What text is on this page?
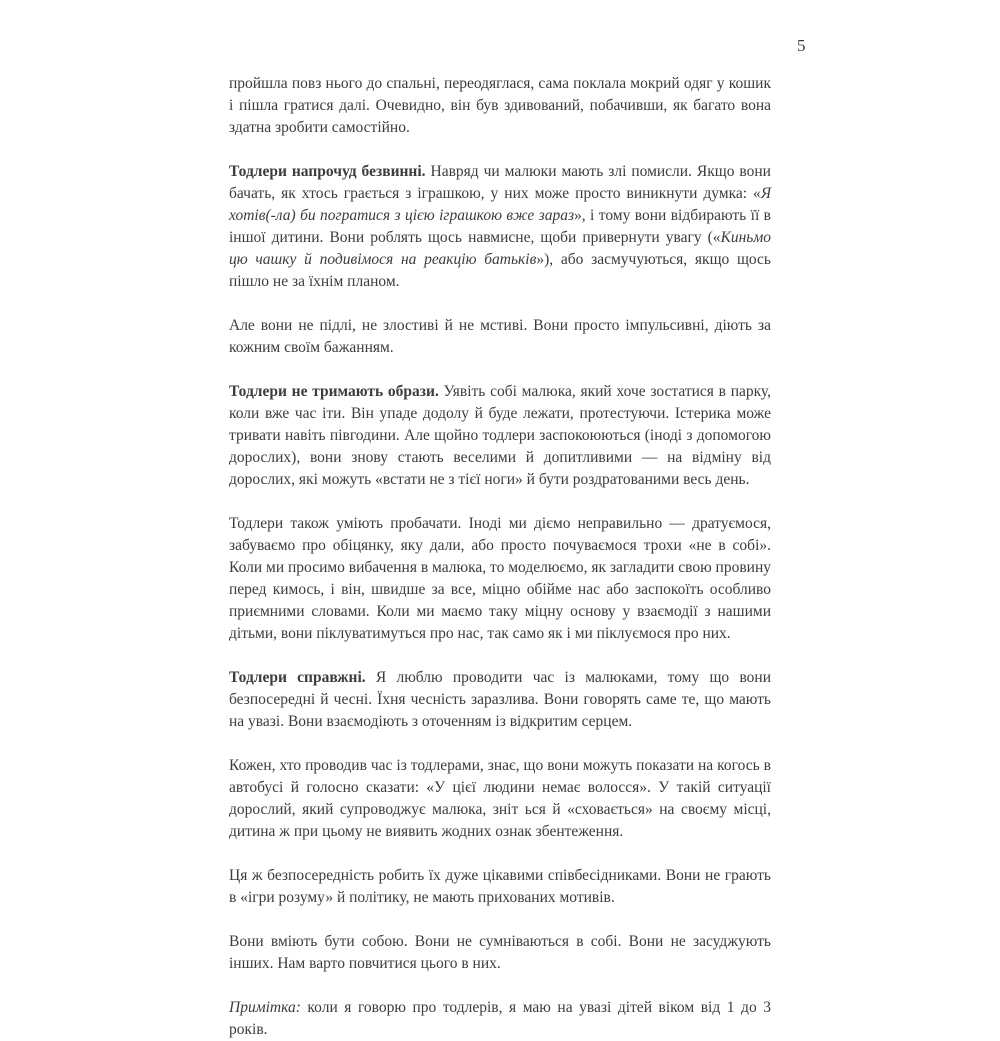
5

пройшла повз нього до спальні, переодяглася, сама поклала мокрий одяг у кошик і пішла гратися далі. Очевидно, він був здивований, побачивши, як багато вона здатна зробити самостійно.

Тодлери напрочуд безвинні. Навряд чи малюки мають злі помисли. Якщо вони бачать, як хтось грається з іграшкою, у них може просто виникнути думка: «Я хотів(-ла) би погратися з цією іграшкою вже зараз», і тому вони відбирають її в іншої дитини. Вони роблять щось навмисне, щоби привернути увагу («Киньмо цю чашку й подивімося на реакцію батьків»), або засмучуються, якщо щось пішло не за їхнім планом.

Але вони не підлі, не злостиві й не мстиві. Вони просто імпульсивні, діють за кожним своїм бажанням.

Тодлери не тримають образи. Уявіть собі малюка, який хоче зостатися в парку, коли вже час іти. Він упаде додолу й буде лежати, протестуючи. Істерика може тривати навіть півгодини. Але щойно тодлери заспокоюються (іноді з допомогою дорослих), вони знову стають веселими й допитливими — на відміну від дорослих, які можуть «встати не з тієї ноги» й бути роздратованими весь день.

Тодлери також уміють пробачати. Іноді ми діємо неправильно — дратуємося, забуваємо про обіцянку, яку дали, або просто почуваємося трохи «не в собі». Коли ми просимо вибачення в малюка, то моделюємо, як загладити свою провину перед кимось, і він, швидше за все, міцно обійме нас або заспокоїть особливо приємними словами. Коли ми маємо таку міцну основу у взаємодії з нашими дітьми, вони піклуватимуться про нас, так само як і ми піклуємося про них.

Тодлери справжні. Я люблю проводити час із малюками, тому що вони безпосередні й чесні. Їхня чесність заразлива. Вони говорять саме те, що мають на увазі. Вони взаємодіють з оточенням із відкритим серцем.

Кожен, хто проводив час із тодлерами, знає, що вони можуть показати на когось в автобусі й голосно сказати: «У цієї людини немає волосся». У такій ситуації дорослий, який супроводжує малюка, зніт ься й «сховається» на своєму місці, дитина ж при цьому не виявить жодних ознак збентеження.

Ця ж безпосередність робить їх дуже цікавими співбесідниками. Вони не грають в «ігри розуму» й політику, не мають прихованих мотивів.

Вони вміють бути собою. Вони не сумніваються в собі. Вони не засуджують інших. Нам варто повчитися цього в них.

Примітка: коли я говорю про тодлерів, я маю на увазі дітей віком від 1 до 3 років.
